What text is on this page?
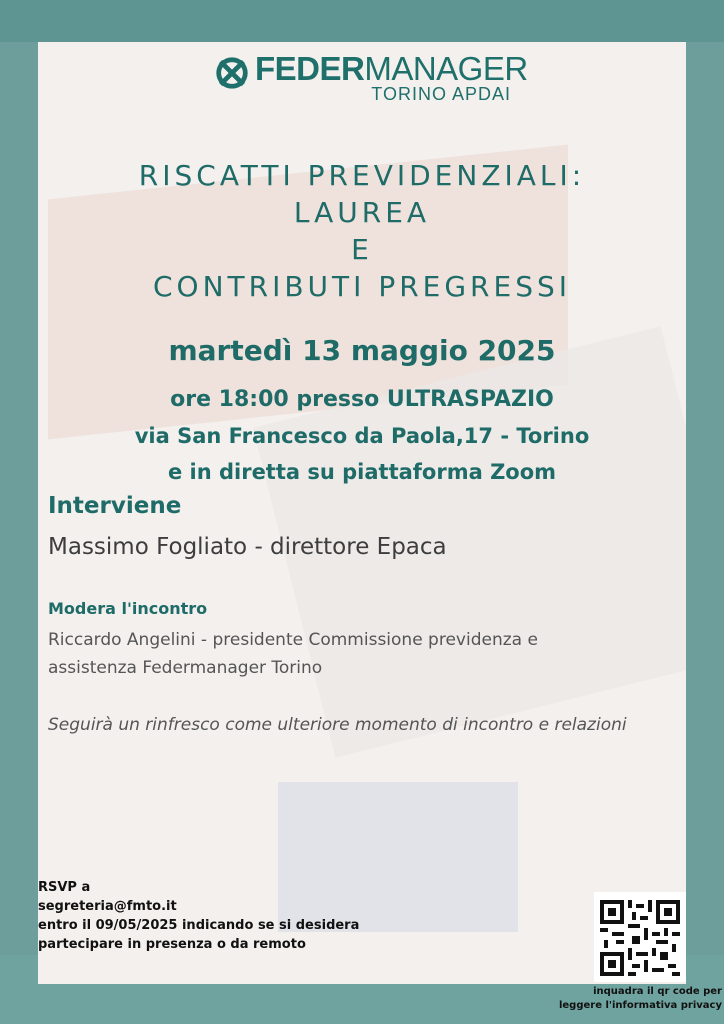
FEDERMANAGER
TORINO APDAI
RISCATTI PREVIDENZIALI:
LAUREA
E
CONTRIBUTI PREGRESSI
martedì 13 maggio 2025
ore 18:00 presso ULTRASPAZIO
via San Francesco da Paola,17 - Torino
e in diretta su piattaforma Zoom
Interviene
Massimo Fogliato - direttore Epaca
Modera l'incontro
Riccardo Angelini - presidente Commissione previdenza e
assistenza Federmanager Torino
Seguirà un rinfresco come ulteriore momento di incontro e relazioni
RSVP a
segreteria@fmto.it
entro il 09/05/2025 indicando se si desidera
partecipare in presenza o da remoto
inquadra il qr code per
leggere l'informativa privacy
